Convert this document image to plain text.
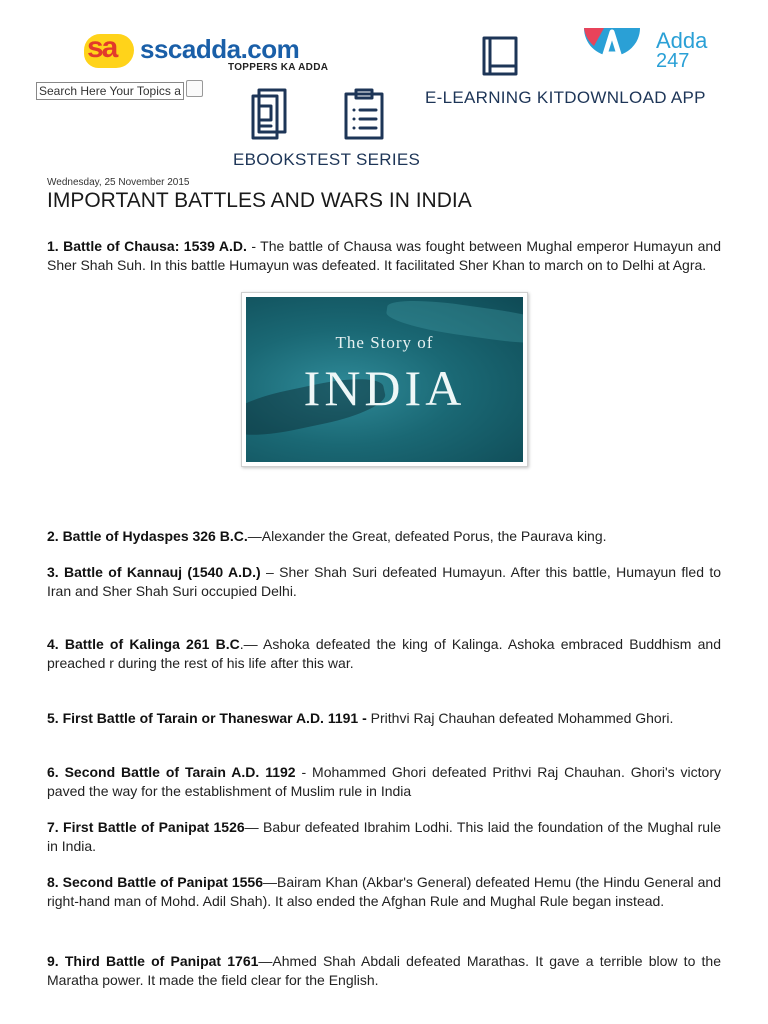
sa sscadda.com
TOPPERS KA ADDA
Search Here Your Topics and
Adda
247
E-LEARNING KITDOWNLOAD APP
EBOOKSTEST SERIES
Wednesday, 25 November 2015
IMPORTANT BATTLES AND WARS IN INDIA

1. Battle of Chausa: 1539 A.D. - The battle of Chausa was fought between Mughal emperor Humayun and Sher Shah Suh. In this battle Humayun was defeated. It facilitated Sher Khan to march on to Delhi at Agra.

The Story of
INDIA

2. Battle of Hydaspes 326 B.C.—Alexander the Great, defeated Porus, the Paurava king.

3. Battle of Kannauj (1540 A.D.) – Sher Shah Suri defeated Humayun. After this battle, Humayun fled to Iran and Sher Shah Suri occupied Delhi.

4. Battle of Kalinga 261 B.C.— Ashoka defeated the king of Kalinga. Ashoka embraced Buddhism and preached r during the rest of his life after this war.

5. First Battle of Tarain or Thaneswar A.D. 1191 - Prithvi Raj Chauhan defeated Mohammed Ghori.

6. Second Battle of Tarain A.D. 1192 - Mohammed Ghori defeated Prithvi Raj Chauhan. Ghori's victory paved the way for the establishment of Muslim rule in India

7. First Battle of Panipat 1526— Babur defeated Ibrahim Lodhi. This laid the foundation of the Mughal rule in India.

8. Second Battle of Panipat 1556—Bairam Khan (Akbar's General) defeated Hemu (the Hindu General and right-hand man of Mohd. Adil Shah). It also ended the Afghan Rule and Mughal Rule began instead.

9. Third Battle of Panipat 1761—Ahmed Shah Abdali defeated Marathas. It gave a terrible blow to the Maratha power. It made the field clear for the English.
